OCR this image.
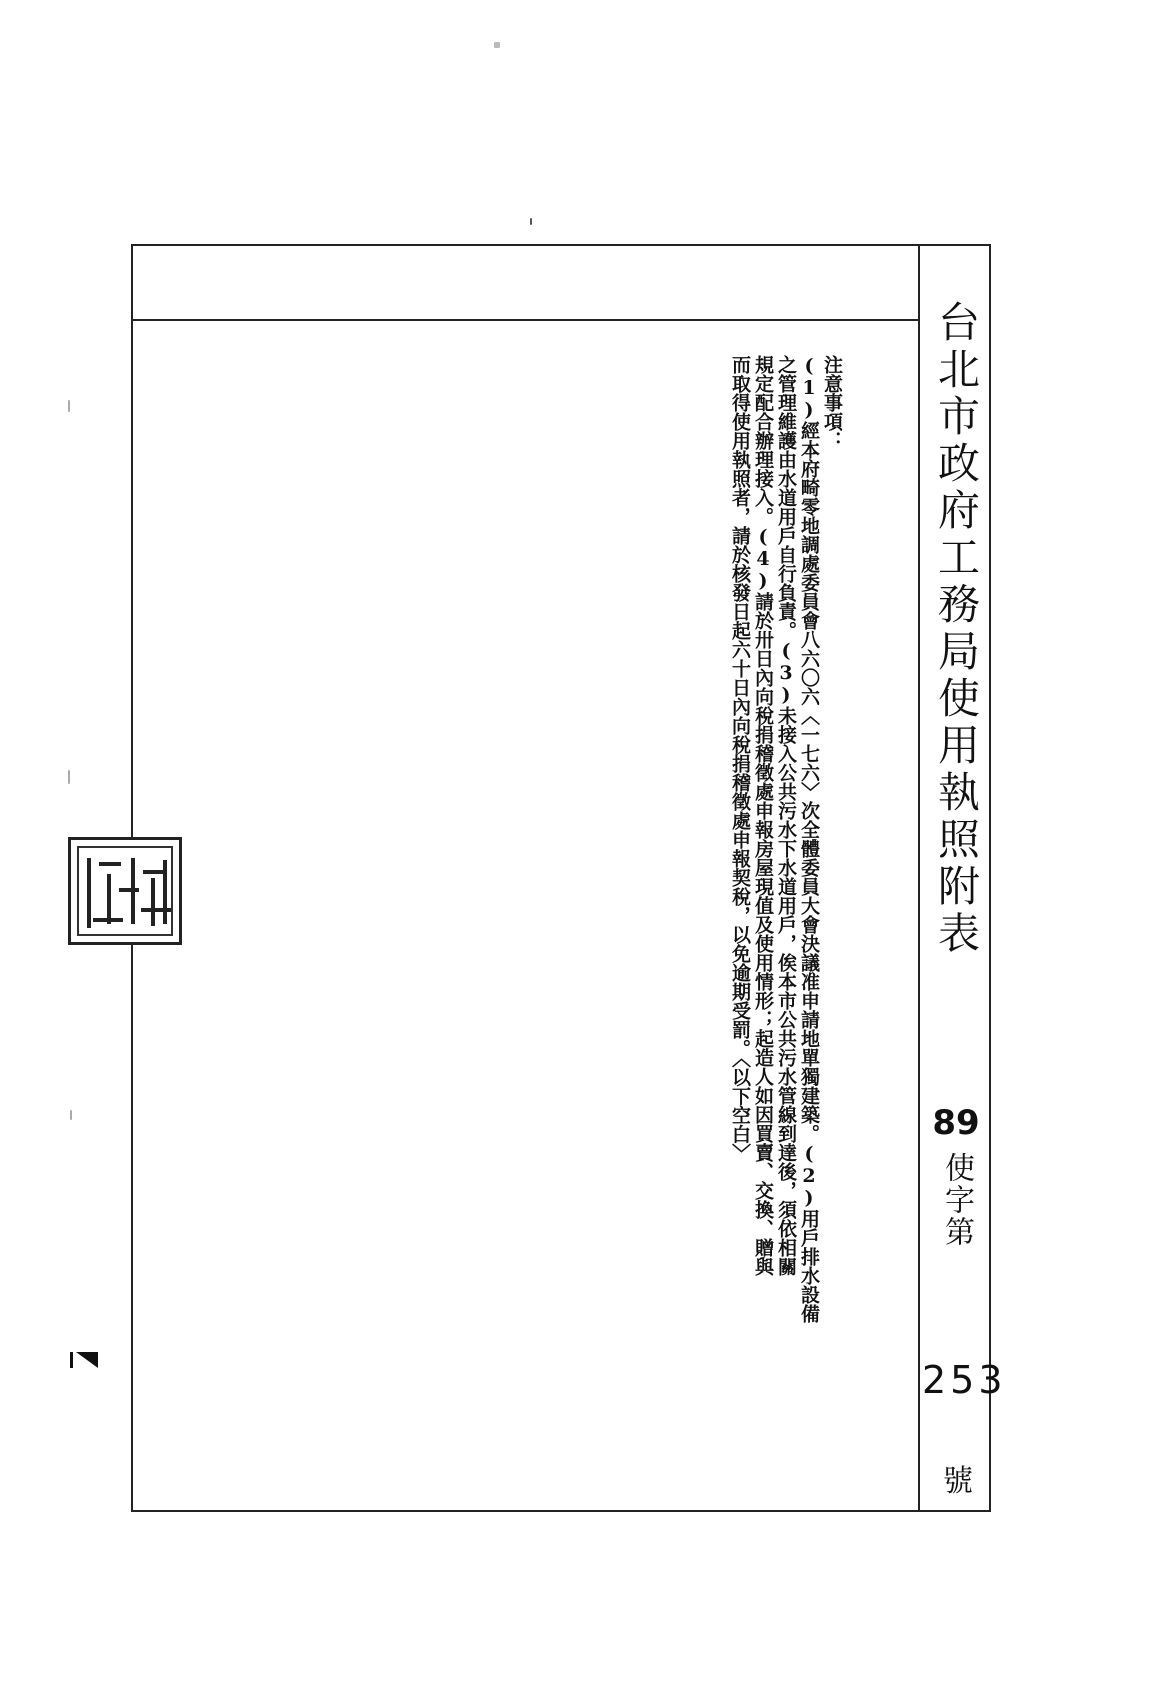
台北市政府工務局使用執照附表
89
使字第
253
號
注意事項：
(1)經本府畸零地調處委員會八六〇六〈一七六〉次全體委員大會決議准申請地單獨建築。(2)用戶排水設備
之管理維護由水道用戶自行負責。(3)未接入公共污水下水道用戶，俟本市公共污水管線到達後，須依相關
規定配合辦理接入。(4)請於卅日內向稅捐稽徵處申報房屋現值及使用情形；起造人如因買賣、交換、贈與
而取得使用執照者，請於核發日起六十日內向稅捐稽徵處申報契稅，以免逾期受罰。〈以下空白〉
